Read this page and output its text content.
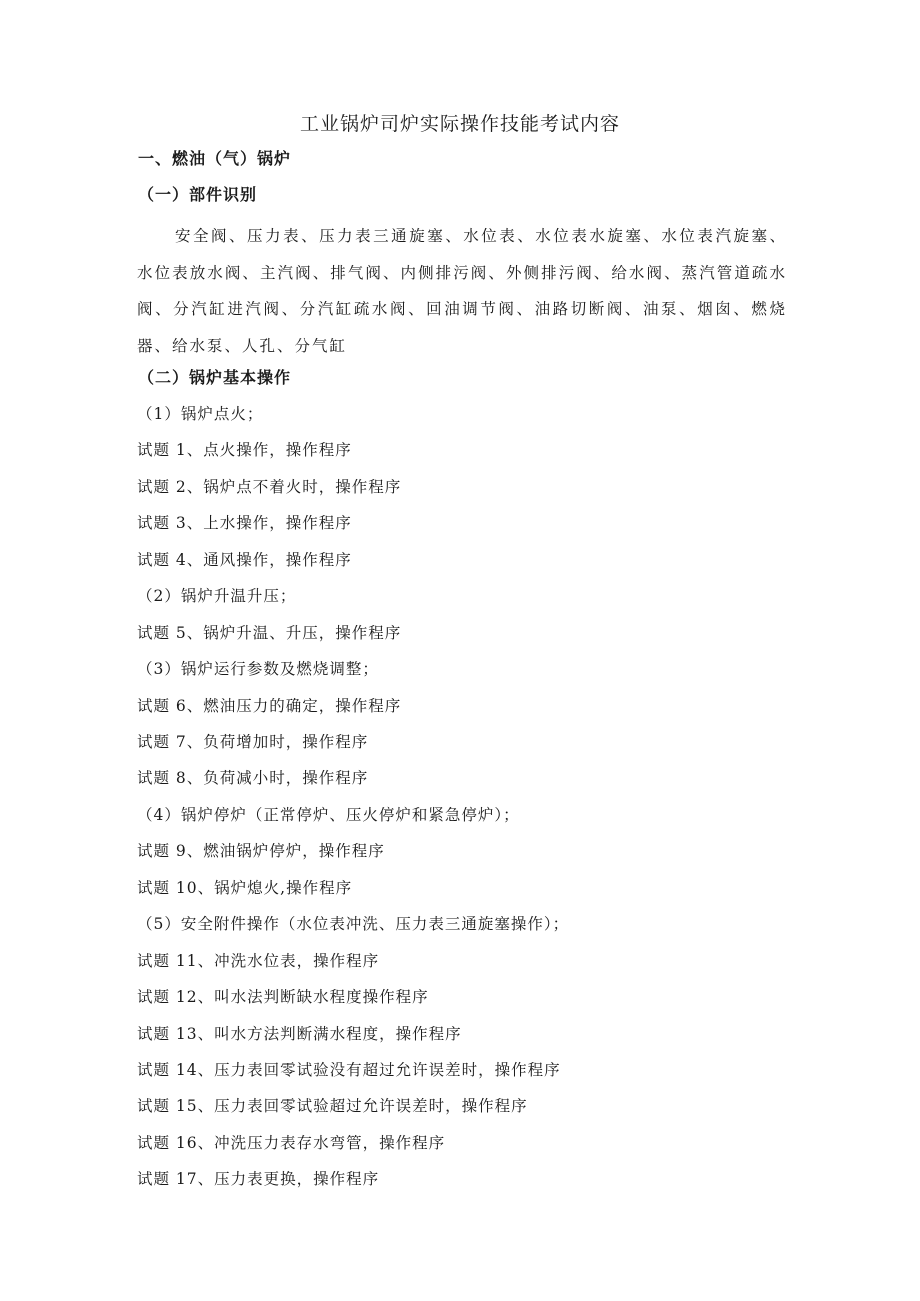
工业锅炉司炉实际操作技能考试内容
一、燃油（气）锅炉
（一）部件识别
安全阀、压力表、压力表三通旋塞、水位表、水位表水旋塞、水位表汽旋塞、水位表放水阀、主汽阀、排气阀、内侧排污阀、外侧排污阀、给水阀、蒸汽管道疏水阀、分汽缸进汽阀、分汽缸疏水阀、回油调节阀、油路切断阀、油泵、烟囱、燃烧器、给水泵、人孔、分气缸
（二）锅炉基本操作
（1）锅炉点火；
试题 1、点火操作，操作程序
试题 2、锅炉点不着火时，操作程序
试题 3、上水操作，操作程序
试题 4、通风操作，操作程序
（2）锅炉升温升压；
试题 5、锅炉升温、升压，操作程序
（3）锅炉运行参数及燃烧调整；
试题 6、燃油压力的确定，操作程序
试题 7、负荷增加时，操作程序
试题 8、负荷减小时，操作程序
（4）锅炉停炉（正常停炉、压火停炉和紧急停炉）；
试题 9、燃油锅炉停炉，操作程序
试题 10、锅炉熄火,操作程序
（5）安全附件操作（水位表冲洗、压力表三通旋塞操作）；
试题 11、冲洗水位表，操作程序
试题 12、叫水法判断缺水程度操作程序
试题 13、叫水方法判断满水程度，操作程序
试题 14、压力表回零试验没有超过允许误差时，操作程序
试题 15、压力表回零试验超过允许误差时，操作程序
试题 16、冲洗压力表存水弯管，操作程序
试题 17、压力表更换，操作程序
